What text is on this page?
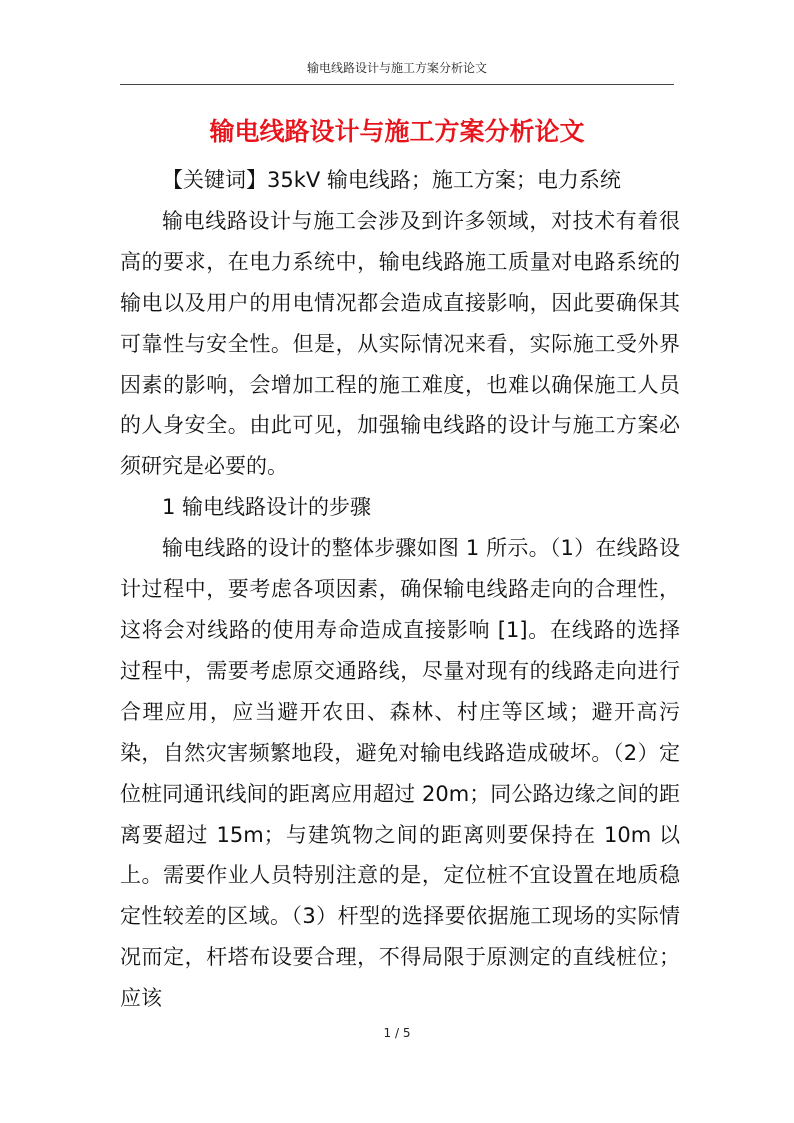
输电线路设计与施工方案分析论文
输电线路设计与施工方案分析论文

【关键词】35kV 输电线路；施工方案；电力系统

输电线路设计与施工会涉及到许多领域，对技术有着很高的要求，在电力系统中，输电线路施工质量对电路系统的输电以及用户的用电情况都会造成直接影响，因此要确保其可靠性与安全性。但是，从实际情况来看，实际施工受外界因素的影响，会增加工程的施工难度，也难以确保施工人员的人身安全。由此可见，加强输电线路的设计与施工方案必须研究是必要的。

1 输电线路设计的步骤

输电线路的设计的整体步骤如图 1 所示。（1）在线路设计过程中，要考虑各项因素，确保输电线路走向的合理性，这将会对线路的使用寿命造成直接影响 [1]。在线路的选择过程中，需要考虑原交通路线，尽量对现有的线路走向进行合理应用，应当避开农田、森林、村庄等区域；避开高污染，自然灾害频繁地段，避免对输电线路造成破坏。（2）定位桩同通讯线间的距离应用超过 20m；同公路边缘之间的距离要超过 15m；与建筑物之间的距离则要保持在 10m 以上。需要作业人员特别注意的是，定位桩不宜设置在地质稳定性较差的区域。（3）杆型的选择要依据施工现场的实际情况而定，杆塔布设要合理，不得局限于原测定的直线桩位；应该

1 / 5
